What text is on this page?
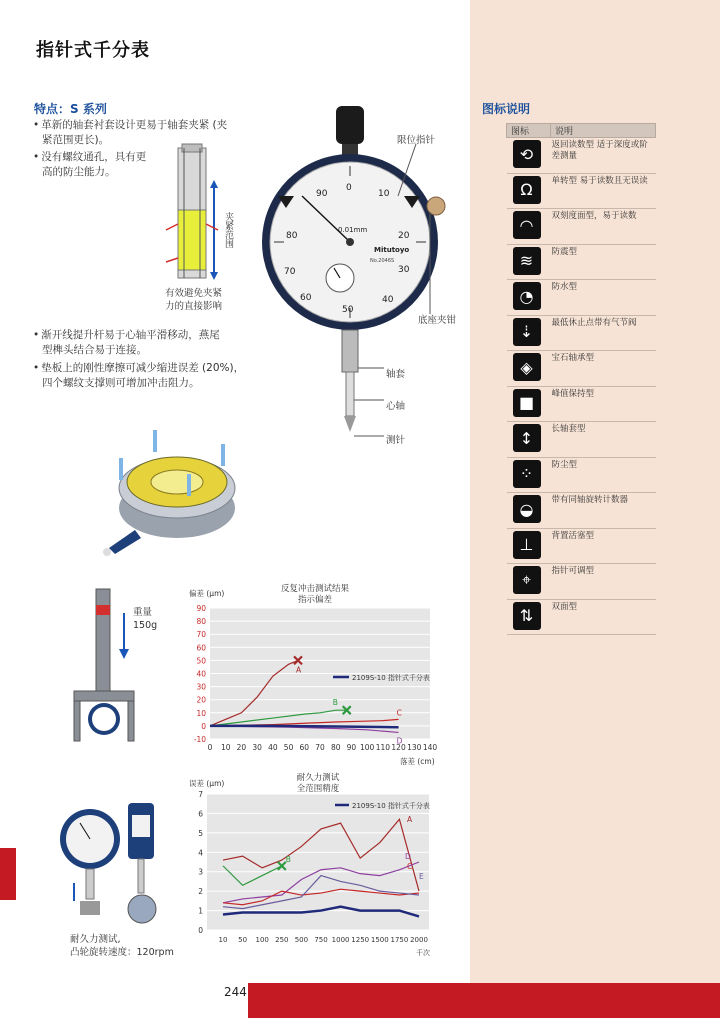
指针式千分表
特点：S 系列
• 革新的轴套衬套设计更易于轴套夹紧 (夹
紧范围更长)。
• 没有螺纹通孔，具有更
高的防尘能力。
• 渐开线提升杆易于心轴平滑移动，燕尾
型榫头结合易于连接。
• 垫板上的刚性摩擦可减少缩进误差 (20%)，
四个螺纹支撑则可增加冲击阻力。
夹紧范围
有效避免夹紧
力的直接影响
0
20
30
50
80
70
90	10
60	40
0.01mm
Mitutoyo
No.2046S
限位指针
底座夹钳
轴套
心轴
测针
重量
150g
耐久力测试,
凸轮旋转速度：120rpm
-10
0
10
20
30
40
50
60
70
80
90
0 10 20 30 40 50 60 70 80 90 100 110 120 130 140
反复冲击测试结果
指示偏差
偏差 (μm)
落差 (cm)
2109S-10 指针式千分表
A
B
C
D
0
1
2
3
4
5
6
7
10 50 100 250 500 750 1000 1250 1500 1750 2000
耐久力测试
全范围精度
误差 (μm)
千次
2109S-10 指针式千分表
A
B	D
C
E
图标说明
图标	说明

⟲	返回读数型 适于深度或阶
差测量

Ω	单转型 易于读数且无误读

◠	双刻度面型，易于读数

≋	防震型

◔	防水型

⇣	最低休止点带有气节阀

◈	宝石轴承型

■	峰值保持型

↕	长轴套型

⁘	防尘型

◒	带有同轴旋转计数器

⊥	背置活塞型

⌖	指针可调型

⇅	双面型
244
